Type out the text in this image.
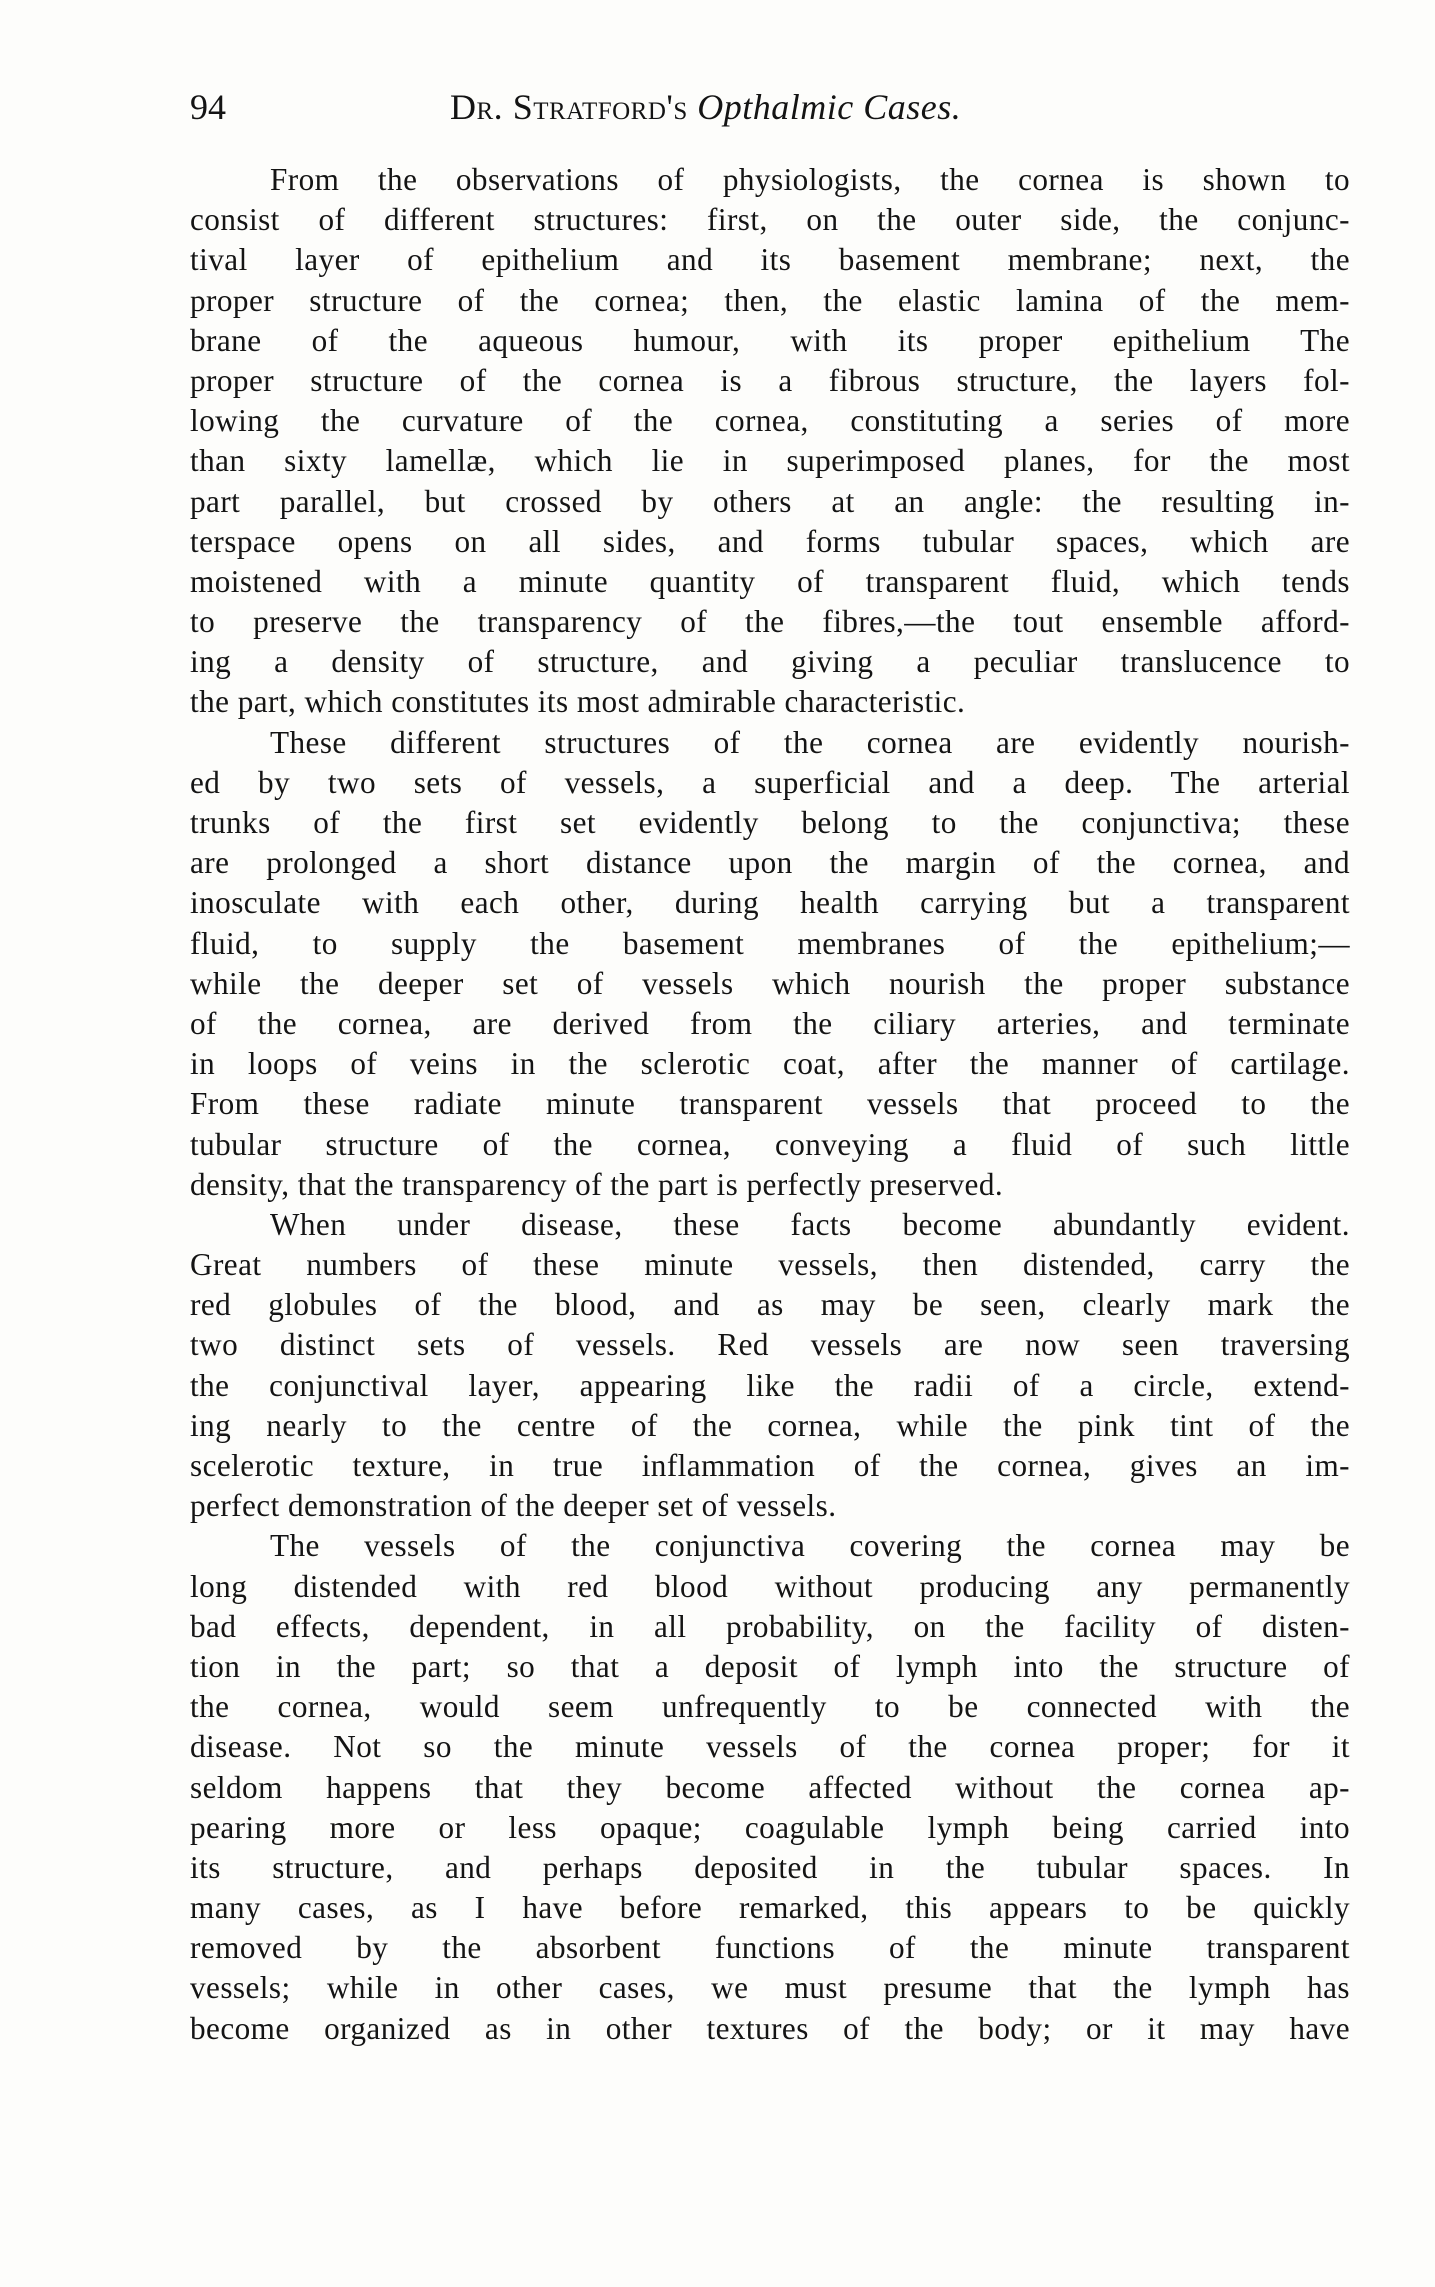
94	Dr. Stratford's Opthalmic Cases.
From the observations of physiologists, the cornea is shown to
consist of different structures: first, on the outer side, the conjunc-
tival layer of epithelium and its basement membrane; next, the
proper structure of the cornea; then, the elastic lamina of the mem-
brane of the aqueous humour, with its proper epithelium The
proper structure of the cornea is a fibrous structure, the layers fol-
lowing the curvature of the cornea, constituting a series of more
than sixty lamellæ, which lie in superimposed planes, for the most
part parallel, but crossed by others at an angle: the resulting in-
terspace opens on all sides, and forms tubular spaces, which are
moistened with a minute quantity of transparent fluid, which tends
to preserve the transparency of the fibres,—the tout ensemble afford-
ing a density of structure, and giving a peculiar translucence to
the part, which constitutes its most admirable characteristic.
These different structures of the cornea are evidently nourish-
ed by two sets of vessels, a superficial and a deep. The arterial
trunks of the first set evidently belong to the conjunctiva; these
are prolonged a short distance upon the margin of the cornea, and
inosculate with each other, during health carrying but a transparent
fluid, to supply the basement membranes of the epithelium;—
while the deeper set of vessels which nourish the proper substance
of the cornea, are derived from the ciliary arteries, and terminate
in loops of veins in the sclerotic coat, after the manner of cartilage.
From these radiate minute transparent vessels that proceed to the
tubular structure of the cornea, conveying a fluid of such little
density, that the transparency of the part is perfectly preserved.
When under disease, these facts become abundantly evident.
Great numbers of these minute vessels, then distended, carry the
red globules of the blood, and as may be seen, clearly mark the
two distinct sets of vessels. Red vessels are now seen traversing
the conjunctival layer, appearing like the radii of a circle, extend-
ing nearly to the centre of the cornea, while the pink tint of the
scelerotic texture, in true inflammation of the cornea, gives an im-
perfect demonstration of the deeper set of vessels.
The vessels of the conjunctiva covering the cornea may be
long distended with red blood without producing any permanently
bad effects, dependent, in all probability, on the facility of disten-
tion in the part; so that a deposit of lymph into the structure of
the cornea, would seem unfrequently to be connected with the
disease. Not so the minute vessels of the cornea proper; for it
seldom happens that they become affected without the cornea ap-
pearing more or less opaque; coagulable lymph being carried into
its structure, and perhaps deposited in the tubular spaces. In
many cases, as I have before remarked, this appears to be quickly
removed by the absorbent functions of the minute transparent
vessels; while in other cases, we must presume that the lymph has
become organized as in other textures of the body; or it may have
